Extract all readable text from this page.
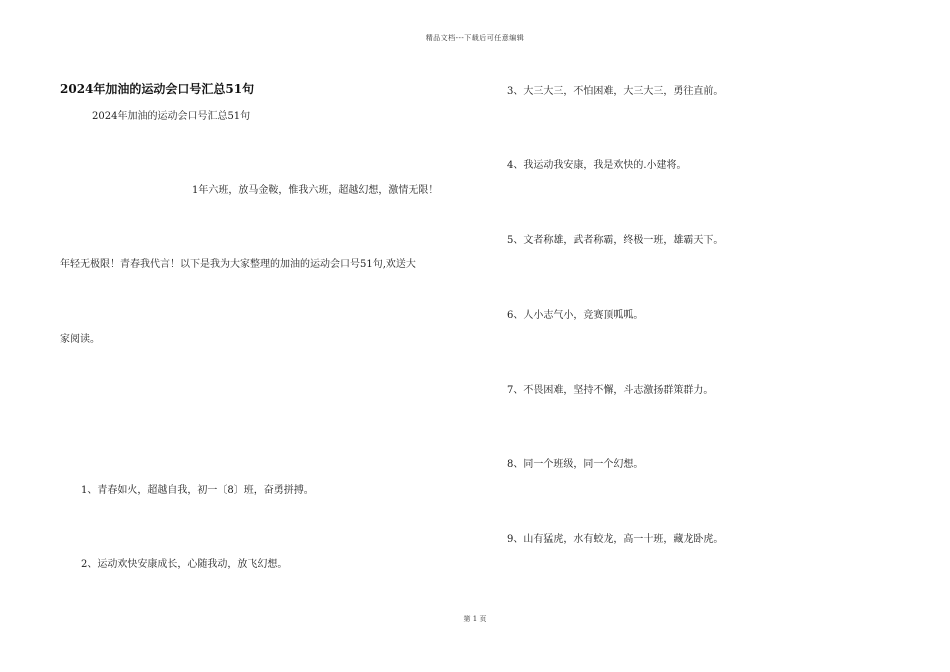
精品文档---下载后可任意编辑
2024年加油的运动会口号汇总51句
2024年加油的运动会口号汇总51句
1年六班，放马金鞍，惟我六班，超越幻想，激情无限！
年轻无极限！青春我代言！以下是我为大家整理的加油的运动会口号51句,欢送大
家阅读。
1、青春如火，超越自我，初一〔8〕班，奋勇拼搏。
2、运动欢快安康成长，心随我动，放飞幻想。
3、大三大三，不怕困难，大三大三，勇往直前。
4、我运动我安康，我是欢快的.小建将。
5、文者称雄，武者称霸，终极一班，雄霸天下。
6、人小志气小，竞赛顶呱呱。
7、不畏困难，坚持不懈，斗志激扬群策群力。
8、同一个班级，同一个幻想。
9、山有猛虎，水有蛟龙，高一十班，藏龙卧虎。
第 1 页
